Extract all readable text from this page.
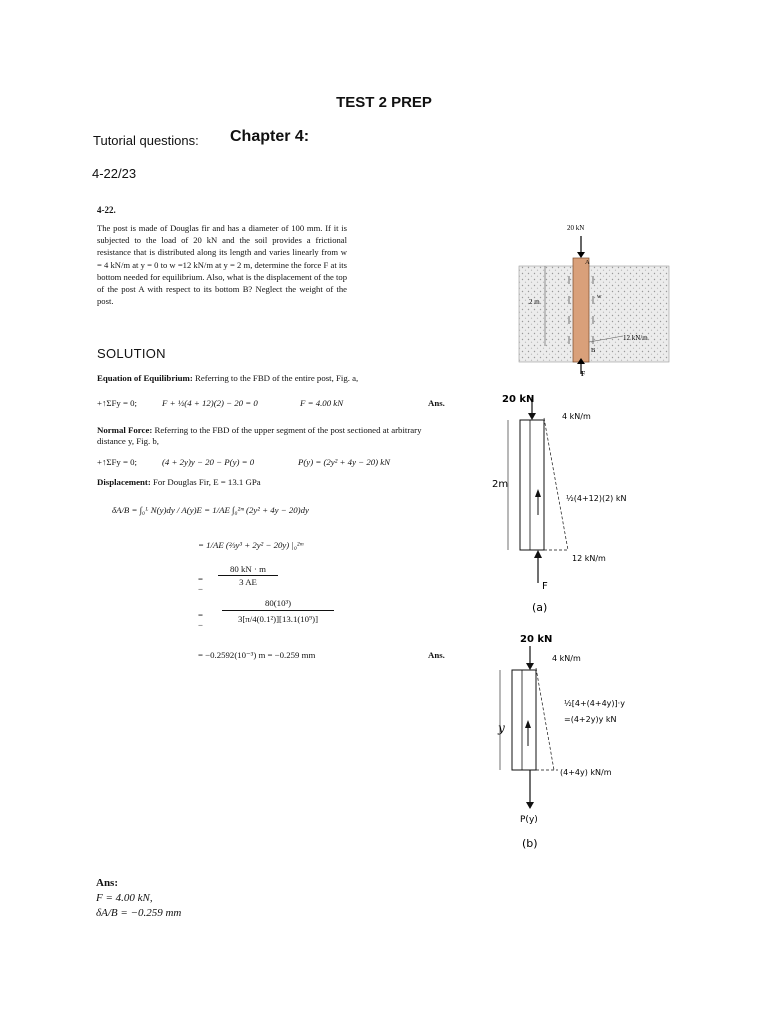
TEST 2 PREP
Tutorial questions: Chapter 4:
4-22/23
4-22.
The post is made of Douglas fir and has a diameter of 100 mm. If it is subjected to the load of 20 kN and the soil provides a frictional resistance that is distributed along its length and varies linearly from w = 4 kN/m at y = 0 to w =12 kN/m at y = 2 m, determine the force F at its bottom needed for equilibrium. Also, what is the displacement of the top of the post A with respect to its bottom B? Neglect the weight of the post.
20 kN
A
w
2 m
12 kN/m
B
F
SOLUTION
Equation of Equilibrium: Referring to the FBD of the entire post, Fig. a,
+↑ΣFy = 0;	F + ½(4 + 12)(2) − 20 = 0	F = 4.00 kN	Ans.
Normal Force: Referring to the FBD of the upper segment of the post sectioned at arbitrary distance y, Fig. b,
+↑ΣFy = 0;	(4 + 2y)y − 20 − P(y) = 0	P(y) = (2y² + 4y − 20) kN
Displacement: For Douglas Fir, E = 13.1 GPa
δA/B = ∫₀ᴸ N(y)dy / A(y)E = 1/AE ∫₀²ᵐ (2y² + 4y − 20)dy
= 1/AE (⅔y³ + 2y² − 20y) |₀²ᵐ
= −
$\frac{80 kN \cdot m}{3 AE}$
= −
$\frac{\text{80(10³)}}{\text{3[π/4(0.1²)][13.1(10⁹)]}}$
= −0.2592(10⁻³) m = −0.259 mm	Ans.
20 kN
4 kN/m
2m
½(4+12)(2) kN
12 kN/m
F
(a)
20 kN
4 kN/m
y
½[4+(4+4y)]·y
=(4+2y)y kN
(4+4y) kN/m
P(y)
(b)
Ans:
F = 4.00 kN,
δA/B = −0.259 mm
